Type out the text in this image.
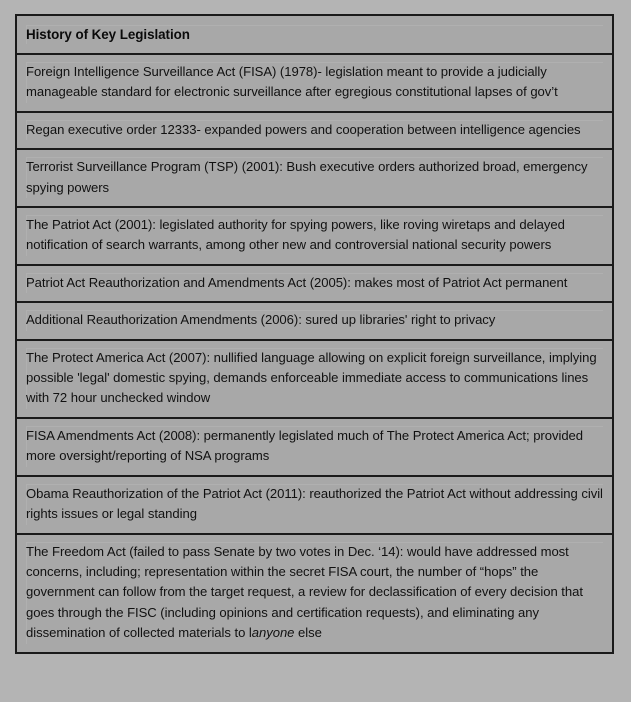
History of Key Legislation
Foreign Intelligence Surveillance Act (FISA) (1978)- legislation meant to provide a judicially manageable standard for electronic surveillance after egregious constitutional lapses of gov’t
Regan executive order 12333- expanded powers and cooperation between intelligence agencies
Terrorist Surveillance Program (TSP) (2001): Bush executive orders authorized broad, emergency spying powers
The Patriot Act (2001): legislated authority for spying powers, like roving wiretaps and delayed notification of search warrants, among other new and controversial national security powers
Patriot Act Reauthorization and Amendments Act (2005): makes most of Patriot Act permanent
Additional Reauthorization Amendments (2006): sured up libraries' right to privacy
The Protect America Act (2007): nullified language allowing on explicit foreign surveillance, implying possible 'legal' domestic spying, demands enforceable immediate access to communications lines with 72 hour unchecked window
FISA Amendments Act (2008): permanently legislated much of The Protect America Act; provided more oversight/reporting of NSA programs
Obama Reauthorization of the Patriot Act (2011): reauthorized the Patriot Act without addressing civil rights issues or legal standing
The Freedom Act (failed to pass Senate by two votes in Dec. ‘14): would have addressed most concerns, including; representation within the secret FISA court, the number of “hops” the government can follow from the target request, a review for declassification of every decision that goes through the FISC (including opinions and certification requests), and eliminating any dissemination of collected materials to lanyone else
